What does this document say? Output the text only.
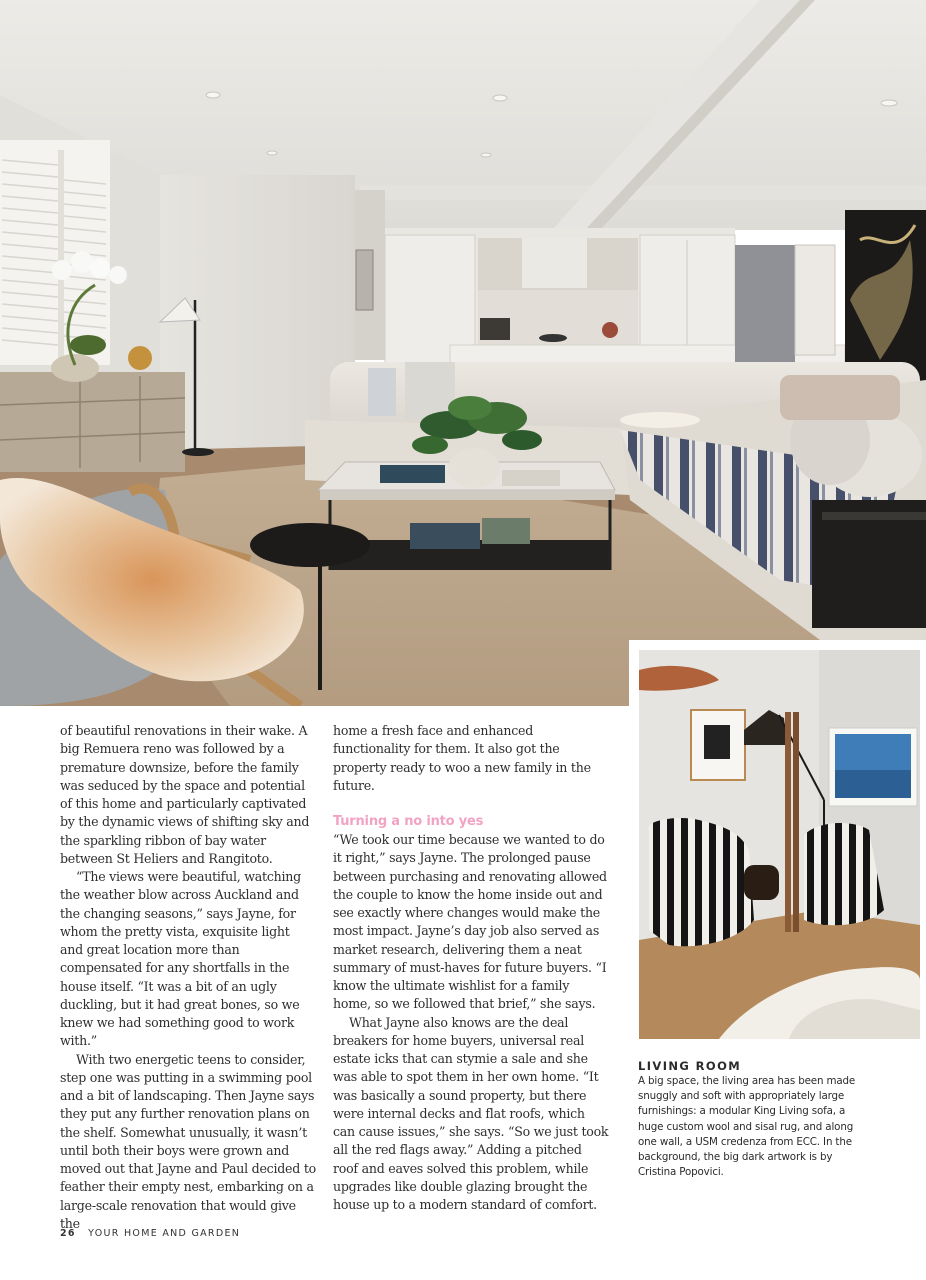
of beautiful renovations in their wake. A big Remuera reno was followed by a premature downsize, before the family was seduced by the space and potential of this home and particularly captivated by the dynamic views of shifting sky and the sparkling ribbon of bay water between St Heliers and Rangitoto.

“The views were beautiful, watching the weather blow across Auckland and the changing seasons,” says Jayne, for whom the pretty vista, exquisite light and great location more than compensated for any shortfalls in the house itself. “It was a bit of an ugly duckling, but it had great bones, so we knew we had something good to work with.”

With two energetic teens to consider, step one was putting in a swimming pool and a bit of landscaping. Then Jayne says they put any further renovation plans on the shelf. Somewhat unusually, it wasn’t until both their boys were grown and moved out that Jayne and Paul decided to feather their empty nest, embarking on a large-scale renovation that would give the

home a fresh face and enhanced functionality for them. It also got the property ready to woo a new family in the future.

Turning a no into yes

“We took our time because we wanted to do it right,” says Jayne. The prolonged pause between purchasing and renovating allowed the couple to know the home inside out and see exactly where changes would make the most impact. Jayne’s day job also served as market research, delivering them a neat summary of must-haves for future buyers. “I know the ultimate wishlist for a family home, so we followed that brief,” she says.

What Jayne also knows are the deal breakers for home buyers, universal real estate icks that can stymie a sale and she was able to spot them in her own home. “It was basically a sound property, but there were internal decks and flat roofs, which can cause issues,” she says. “So we just took all the red flags away.” Adding a pitched roof and eaves solved this problem, while upgrades like double glazing brought the house up to a modern standard of comfort.

LIVING ROOM
A big space, the living area has been made snuggly and soft with appropriately large furnishings: a modular King Living sofa, a huge custom wool and sisal rug, and along one wall, a USM credenza from ECC. In the background, the big dark artwork is by Cristina Popovici.
26 YOUR HOME AND GARDEN
